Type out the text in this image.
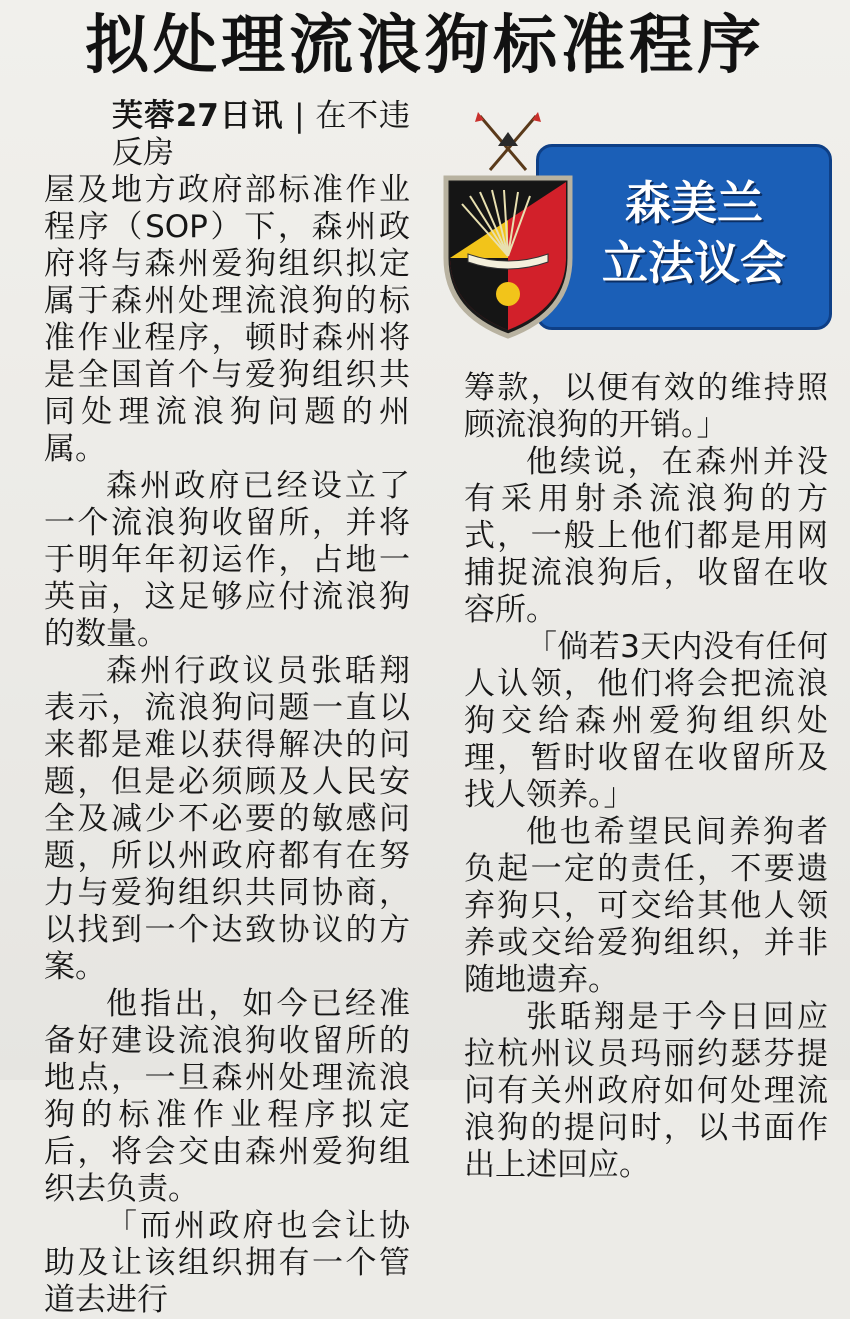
拟处理流浪狗标准程序

芙蓉27日讯 | 在不违反房
屋及地方政府部标准作业程序（SOP）下，森州政府将与森州爱狗组织拟定属于森州处理流浪狗的标准作业程序，顿时森州将是全国首个与爱狗组织共同处理流浪狗问题的州属。

森州政府已经设立了一个流浪狗收留所，并将于明年年初运作，占地一英亩，这足够应付流浪狗的数量。

森州行政议员张聒翔表示，流浪狗问题一直以来都是难以获得解决的问题，但是必须顾及人民安全及减少不必要的敏感问题，所以州政府都有在努力与爱狗组织共同协商，以找到一个达致协议的方案。

他指出，如今已经准备好建设流浪狗收留所的地点，一旦森州处理流浪狗的标准作业程序拟定后，将会交由森州爱狗组织去负责。

「而州政府也会让协助及让该组织拥有一个管道去进行

森美兰
立法议会

筹款，以便有效的维持照顾流浪狗的开销。」

他续说，在森州并没有采用射杀流浪狗的方式，一般上他们都是用网捕捉流浪狗后，收留在收容所。

「倘若3天内没有任何人认领，他们将会把流浪狗交给森州爱狗组织处理，暂时收留在收留所及找人领养。」

他也希望民间养狗者负起一定的责任，不要遗弃狗只，可交给其他人领养或交给爱狗组织，并非随地遗弃。

张聒翔是于今日回应拉杭州议员玛丽约瑟芬提问有关州政府如何处理流浪狗的提问时，以书面作出上述回应。
